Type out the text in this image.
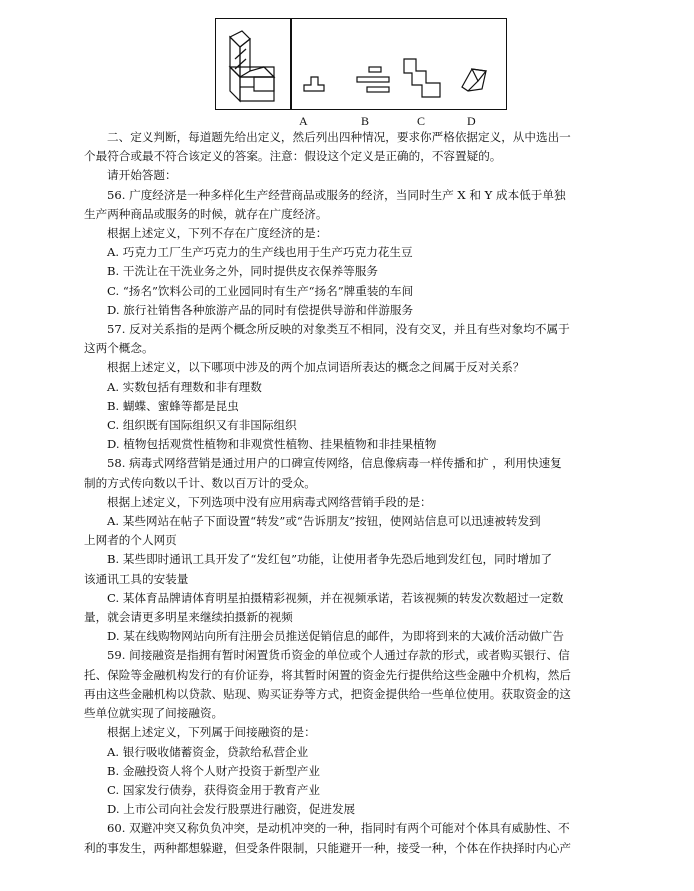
A	B	C	D

二、定义判断，每道题先给出定义，然后列出四种情况，要求你严格依据定义，从中选出一

个最符合或最不符合该定义的答案。注意：假设这个定义是正确的，不容置疑的。

请开始答题：

56. 广度经济是一种多样化生产经营商品或服务的经济，当同时生产 X 和 Y 成本低于单独

生产两种商品或服务的时候，就存在广度经济。

根据上述定义，下列不存在广度经济的是：

A. 巧克力工厂生产巧克力的生产线也用于生产巧克力花生豆

B. 干洗让在干洗业务之外，同时提供皮衣保养等服务

C. “扬名”饮料公司的工业园同时有生产“扬名”牌重装的车间

D. 旅行社销售各种旅游产品的同时有偿提供导游和伴游服务

57. 反对关系指的是两个概念所反映的对象类互不相同，没有交叉，并且有些对象均不属于

这两个概念。

根据上述定义，以下哪项中涉及的两个加点词语所表达的概念之间属于反对关系？

A. 实数包括有理数和非有理数

B. 蝴蝶、蜜蜂等都是昆虫

C. 组织既有国际组织又有非国际组织

D. 植物包括观赏性植物和非观赏性植物、挂果植物和非挂果植物

58. 病毒式网络营销是通过用户的口碑宣传网络，信息像病毒一样传播和扩 ，利用快速复

制的方式传向数以千计、数以百万计的受众。

根据上述定义，下列选项中没有应用病毒式网络营销手段的是：

A. 某些网站在帖子下面设置“转发”或“告诉朋友”按钮，使网站信息可以迅速被转发到

上网者的个人网页

B. 某些即时通讯工具开发了“发红包”功能，让使用者争先恐后地到发红包，同时增加了

该通讯工具的安装量

C. 某体育品牌请体育明星拍摄精彩视频，并在视频承诺，若该视频的转发次数超过一定数

量，就会请更多明星来继续拍摄新的视频

D. 某在线购物网站向所有注册会员推送促销信息的邮件，为即将到来的大减价活动做广告

59. 间接融资是指拥有暂时闲置货币资金的单位或个人通过存款的形式，或者购买银行、信

托、保险等金融机构发行的有价证券，将其暂时闲置的资金先行提供给这些金融中介机构，然后

再由这些金融机构以贷款、贴现、购买证券等方式，把资金提供给一些单位使用。获取资金的这

些单位就实现了间接融资。

根据上述定义，下列属于间接融资的是：

A. 银行吸收储蓄资金，贷款给私营企业

B. 金融投资人将个人财产投资于新型产业

C. 国家发行债券，获得资金用于教育产业

D. 上市公司向社会发行股票进行融资，促进发展

60. 双避冲突又称负负冲突，是动机冲突的一种，指同时有两个可能对个体具有威胁性、不

利的事发生，两种都想躲避，但受条件限制，只能避开一种，接受一种，个体在作抉择时内心产
